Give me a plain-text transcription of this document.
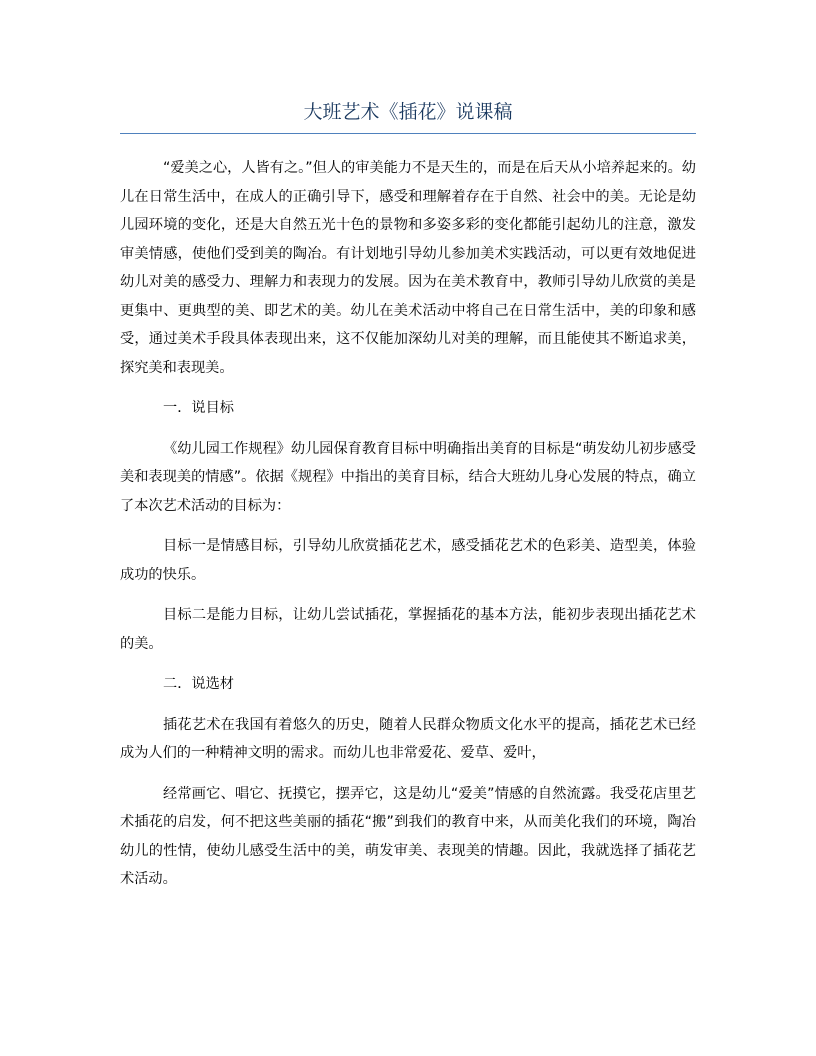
大班艺术《插花》说课稿

“爱美之心，人皆有之。”但人的审美能力不是天生的，而是在后天从小培养起来的。幼儿在日常生活中，在成人的正确引导下，感受和理解着存在于自然、社会中的美。无论是幼儿园环境的变化，还是大自然五光十色的景物和多姿多彩的变化都能引起幼儿的注意，激发审美情感，使他们受到美的陶冶。有计划地引导幼儿参加美术实践活动，可以更有效地促进幼儿对美的感受力、理解力和表现力的发展。因为在美术教育中，教师引导幼儿欣赏的美是更集中、更典型的美、即艺术的美。幼儿在美术活动中将自己在日常生活中，美的印象和感受，通过美术手段具体表现出来，这不仅能加深幼儿对美的理解，而且能使其不断追求美，探究美和表现美。

一．说目标

《幼儿园工作规程》幼儿园保育教育目标中明确指出美育的目标是“萌发幼儿初步感受美和表现美的情感”。依据《规程》中指出的美育目标，结合大班幼儿身心发展的特点，确立了本次艺术活动的目标为：

目标一是情感目标，引导幼儿欣赏插花艺术，感受插花艺术的色彩美、造型美，体验成功的快乐。

目标二是能力目标，让幼儿尝试插花，掌握插花的基本方法，能初步表现出插花艺术的美。

二．说选材

插花艺术在我国有着悠久的历史，随着人民群众物质文化水平的提高，插花艺术已经成为人们的一种精神文明的需求。而幼儿也非常爱花、爱草、爱叶，

经常画它、唱它、抚摸它，摆弄它，这是幼儿“爱美”情感的自然流露。我受花店里艺术插花的启发，何不把这些美丽的插花“搬”到我们的教育中来，从而美化我们的环境，陶冶幼儿的性情，使幼儿感受生活中的美，萌发审美、表现美的情趣。因此，我就选择了插花艺术活动。
